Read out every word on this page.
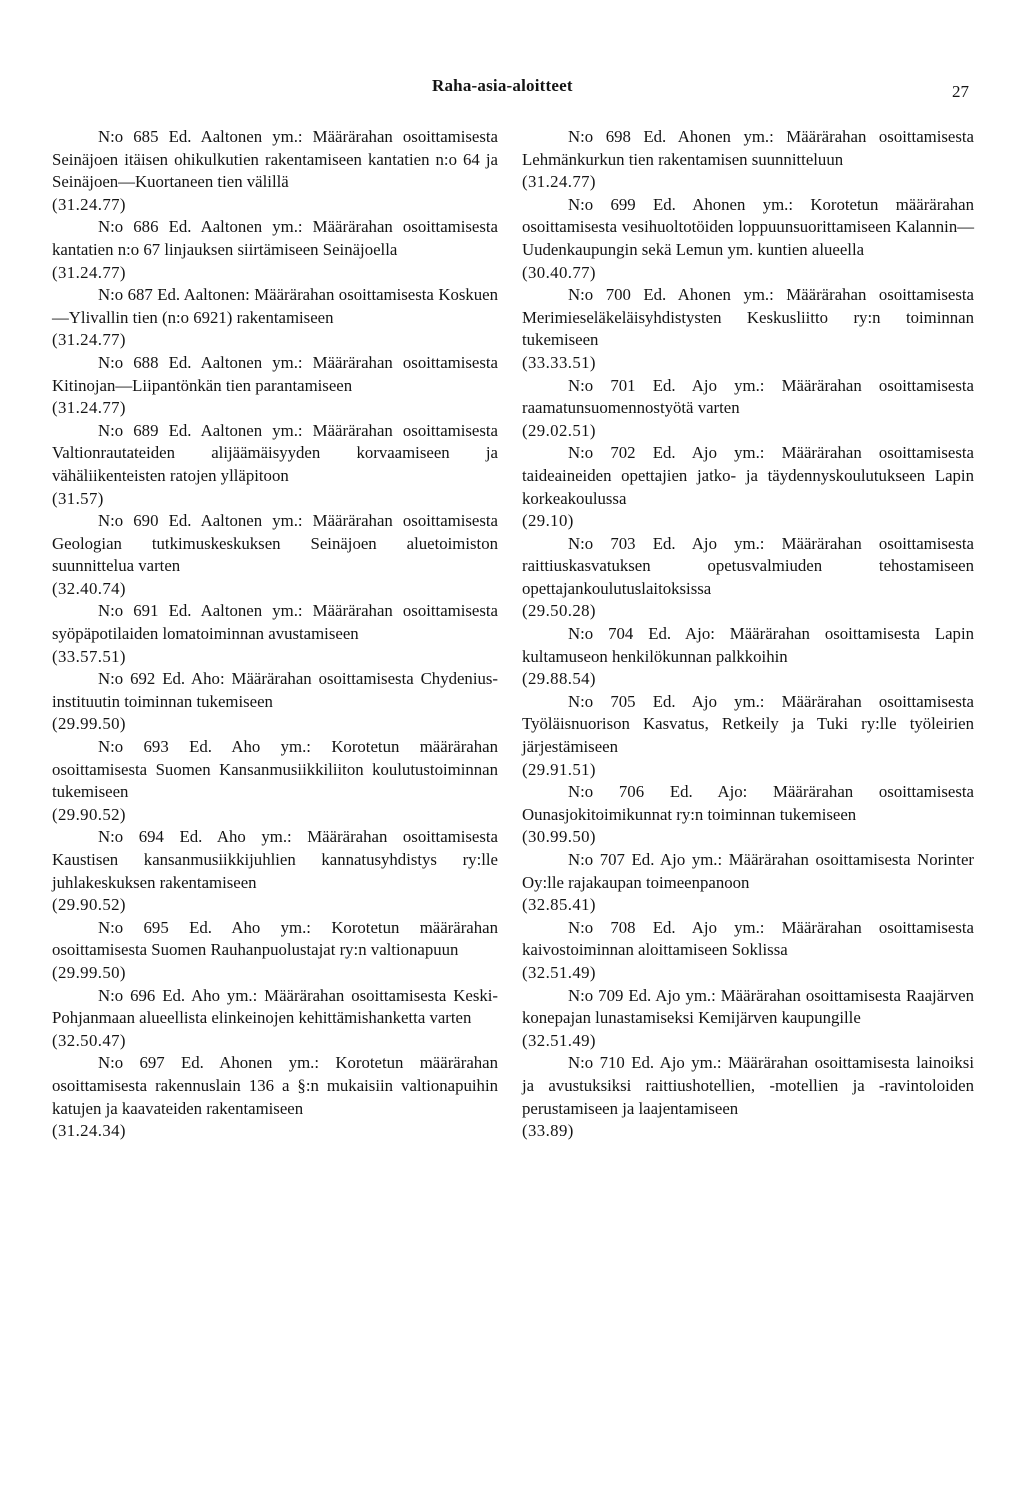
Raha-asia-aloitteet	27

N:o 685 Ed. Aaltonen ym.: Määrärahan osoittamisesta Seinäjoen itäisen ohikulkutien rakentamiseen kantatien n:o 64 ja Seinäjoen—Kuortaneen tien välillä

(31.24.77)

N:o 686 Ed. Aaltonen ym.: Määrärahan osoittamisesta kantatien n:o 67 linjauksen siirtämiseen Seinäjoella

(31.24.77)

N:o 687 Ed. Aaltonen: Määrärahan osoittamisesta Koskuen—Ylivallin tien (n:o 6921) rakentamiseen

(31.24.77)

N:o 688 Ed. Aaltonen ym.: Määrärahan osoittamisesta Kitinojan—Liipantönkän tien parantamiseen

(31.24.77)

N:o 689 Ed. Aaltonen ym.: Määrärahan osoittamisesta Valtionrautateiden alijäämäisyyden korvaamiseen ja vähäliikenteisten ratojen ylläpitoon

(31.57)

N:o 690 Ed. Aaltonen ym.: Määrärahan osoittamisesta Geologian tutkimuskeskuksen Seinäjoen aluetoimiston suunnittelua varten

(32.40.74)

N:o 691 Ed. Aaltonen ym.: Määrärahan osoittamisesta syöpäpotilaiden lomatoiminnan avustamiseen

(33.57.51)

N:o 692 Ed. Aho: Määrärahan osoittamisesta Chydenius-instituutin toiminnan tukemiseen

(29.99.50)

N:o 693 Ed. Aho ym.: Korotetun määrärahan osoittamisesta Suomen Kansanmusiikkiliiton koulutustoiminnan tukemiseen

(29.90.52)

N:o 694 Ed. Aho ym.: Määrärahan osoittamisesta Kaustisen kansanmusiikkijuhlien kannatusyhdistys ry:lle juhlakeskuksen rakentamiseen

(29.90.52)

N:o 695 Ed. Aho ym.: Korotetun määrärahan osoittamisesta Suomen Rauhanpuolustajat ry:n valtionapuun

(29.99.50)

N:o 696 Ed. Aho ym.: Määrärahan osoittamisesta Keski-Pohjanmaan alueellista elinkeinojen kehittämishanketta varten

(32.50.47)

N:o 697 Ed. Ahonen ym.: Korotetun määrärahan osoittamisesta rakennuslain 136 a §:n mukaisiin valtionapuihin katujen ja kaavateiden rakentamiseen

(31.24.34)

N:o 698 Ed. Ahonen ym.: Määrärahan osoittamisesta Lehmänkurkun tien rakentamisen suunnitteluun

(31.24.77)

N:o 699 Ed. Ahonen ym.: Korotetun määrärahan osoittamisesta vesihuoltotöiden loppuunsuorittamiseen Kalannin—Uudenkaupungin sekä Lemun ym. kuntien alueella

(30.40.77)

N:o 700 Ed. Ahonen ym.: Määrärahan osoittamisesta Merimieseläkeläisyhdistysten Keskusliitto ry:n toiminnan tukemiseen

(33.33.51)

N:o 701 Ed. Ajo ym.: Määrärahan osoittamisesta raamatunsuomennostyötä varten

(29.02.51)

N:o 702 Ed. Ajo ym.: Määrärahan osoittamisesta taideaineiden opettajien jatko- ja täydennyskoulutukseen Lapin korkeakoulussa

(29.10)

N:o 703 Ed. Ajo ym.: Määrärahan osoittamisesta raittiuskasvatuksen opetusvalmiuden tehostamiseen opettajankoulutuslaitoksissa

(29.50.28)

N:o 704 Ed. Ajo: Määrärahan osoittamisesta Lapin kultamuseon henkilökunnan palkkoihin

(29.88.54)

N:o 705 Ed. Ajo ym.: Määrärahan osoittamisesta Työläisnuorison Kasvatus, Retkeily ja Tuki ry:lle työleirien järjestämiseen

(29.91.51)

N:o 706 Ed. Ajo: Määrärahan osoittamisesta Ounasjokitoimikunnat ry:n toiminnan tukemiseen

(30.99.50)

N:o 707 Ed. Ajo ym.: Määrärahan osoittamisesta Norinter Oy:lle rajakaupan toimeenpanoon

(32.85.41)

N:o 708 Ed. Ajo ym.: Määrärahan osoittamisesta kaivostoiminnan aloittamiseen Soklissa

(32.51.49)

N:o 709 Ed. Ajo ym.: Määrärahan osoittamisesta Raajärven konepajan lunastamiseksi Kemijärven kaupungille

(32.51.49)

N:o 710 Ed. Ajo ym.: Määrärahan osoittamisesta lainoiksi ja avustuksiksi raittiushotellien, -motellien ja -ravintoloiden perustamiseen ja laajentamiseen

(33.89)
